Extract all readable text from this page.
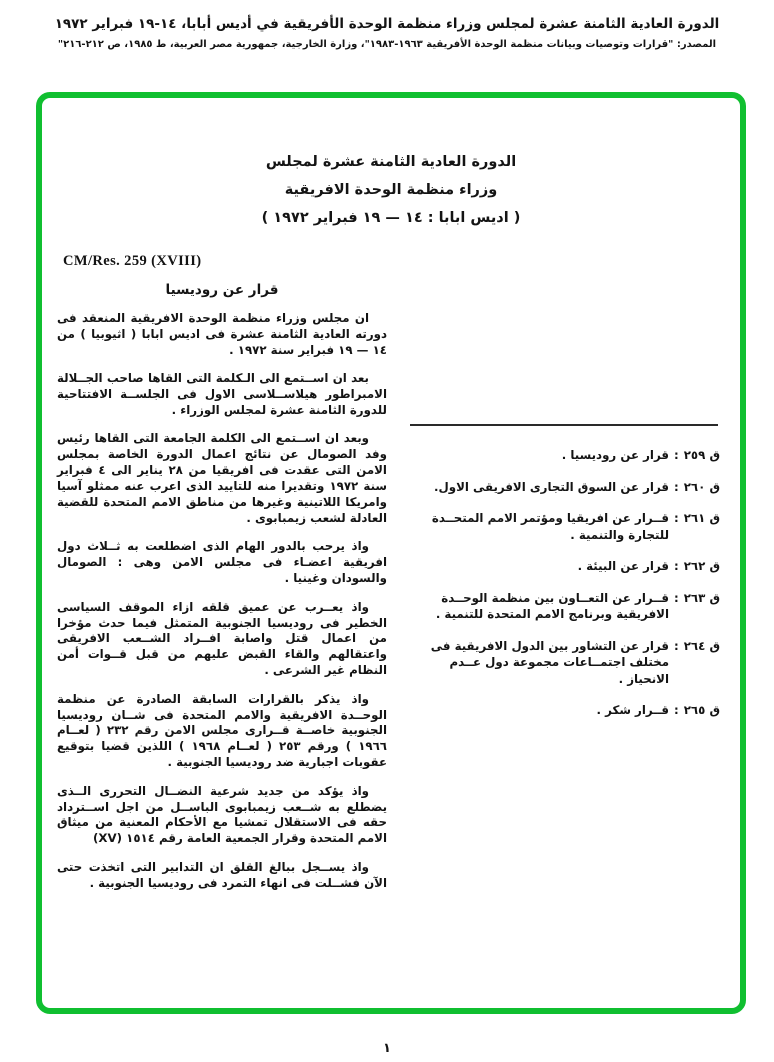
الدورة العادية الثامنة عشرة لمجلس وزراء منظمة الوحدة الأفريقية في أديس أبابا، ١٤-١٩ فبراير ١٩٧٢
المصدر: "قرارات وتوصيات وبيانات منظمة الوحدة الأفريقية ١٩٦٣-١٩٨٣"، وزارة الخارجية، جمهورية مصر العربية، ط ١٩٨٥، ص ٢١٢-٢١٦"
الدورة العادية الثامنة عشرة لمجلس
وزراء منظمة الوحدة الافريقية
( اديس ابابا : ١٤ — ١٩ فبراير ١٩٧٢ )
CM/Res. 259 (XVIII)
قرار عن روديسيا

ان مجلس وزراء منظمة الوحدة الافريقية المنعقد فى دورته العادية الثامنة عشرة فى اديس ابابا ( اثيوبيا ) من ١٤ — ١٩ فبراير سنة ١٩٧٢ .

بعد ان اســتمع الى الـكلمة التى القاها صاحب الجــلالة الامبراطور هيلاســلاسى الاول فى الجلســة الافتتاحية للدورة الثامنة عشرة لمجلس الوزراء .

وبعد ان اســتمع الى الكلمة الجامعة التى القاها رئيس وفد الصومال عن نتائج اعمال الدورة الخاصة بمجلس الامن التى عقدت فى افريقيا من ٢٨ يناير الى ٤ فبراير سنة ١٩٧٢ وتقديرا منه للتاييد الذى اعرب عنه ممثلو آسيا وامريكا اللاتينية وغيرها من مناطق الامم المتحدة للقضية العادلة لشعب زيمبابوى .

واذ يرحب بالدور الهام الذى اضطلعت به ثــلاث دول افريقية اعضـاء فى مجلس الامن وهى : الصومال والسودان وغينيا .

واذ يعــرب عن عميق قلقه ازاء الموقف السياسى الخطير فى روديسيا الجنوبية المتمثل فيما حدث مؤخرا من اعمال قتل واصابة افــراد الشــعب الافريقى واعتقالهم والقاء القبض عليهم من قبل قــوات أمن النظام غير الشرعى .

واذ يذكر بالقرارات السابقة الصادرة عن منظمة الوحــدة الافريقية والامم المتحدة فى شــان روديسيا الجنوبية خاصــة قــرارى مجلس الامن رقم ٢٣٢ ( لعــام ١٩٦٦ ) ورقم ٢٥٣ ( لعــام ١٩٦٨ ) اللذين قضيا بتوقيع عقوبات اجبارية ضد روديسيا الجنوبية .

واذ يؤكد من جديد شرعية النضــال التحررى الــذى يضطلع به شــعب زيمبابوى الباســل من اجل اســترداد حقه فى الاستقلال تمشيا مع الأحكام المعنية من ميثاق الامم المتحدة وقرار الجمعية العامة رقم ١٥١٤ (XV)

واذ يســجل ببالغ القلق ان التدابير التى اتخذت حتى الآن فشــلت فى انهاء التمرد فى روديسيا الجنوبية .

ق ٢٥٩
:
قرار عن روديسيا .
ق ٢٦٠
:
قرار عن السوق التجارى الافريقى الاول.
ق ٢٦١
:
قــرار عن افريقيا ومؤتمر الامم المتحــدة للتجارة والتنمية .
ق ٢٦٢
:
قرار عن البيئة .
ق ٢٦٣
:
قــرار عن التعــاون بين منظمة الوحــدة الافريقية وبرنامج الامم المتحدة للتنمية .
ق ٢٦٤
:
قرار عن التشاور بين الدول الافريقية فى مختلف اجتمــاعات مجموعة دول عــدم الانحياز .
ق ٢٦٥
:
قــرار شكر .
١
